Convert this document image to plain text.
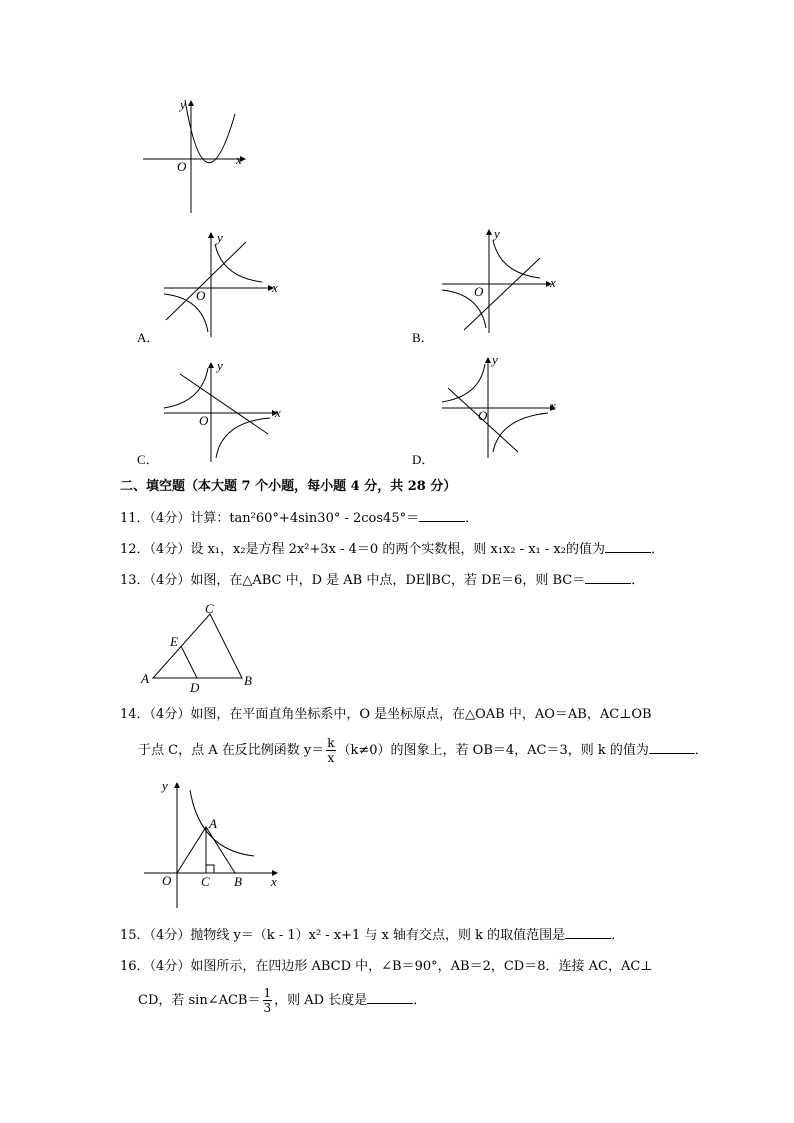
y
x
O
y
x
O
A．
y
x
O
B．
y
x
O
C．
y
x
O
D．
二、填空题（本大题 7 个小题，每小题 4 分，共 28 分）
11．（4分）计算：tan²60°+4sin30° - 2cos45°＝	．
12．（4分）设 x₁，x₂是方程 2x²+3x - 4＝0 的两个实数根，则 x₁x₂ - x₁ - x₂的值为	．
13．（4分）如图，在△ABC 中，D 是 AB 中点，DE∥BC，若 DE＝6，则 BC＝	．
C
E
A
D	B
14．（4分）如图，在平面直角坐标系中，O 是坐标原点，在△OAB 中，AO＝AB，AC⊥OB
于点 C，点 A 在反比例函数 $y= \frac{k}{x} (k\ne 0)$的图象上，若 OB＝4，AC＝3，则 k 的值为	．
y
A
O C B x
15．（4分）抛物线 y＝（k - 1）x² - x+1 与 x 轴有交点，则 k 的取值范围是	．
16．（4分）如图所示，在四边形 ABCD 中，∠B＝90°，AB＝2，CD＝8．连接 AC，AC⊥
CD，若 sin∠ACB＝ $\frac{1}{3}$ ，则 AD 长度是	．
